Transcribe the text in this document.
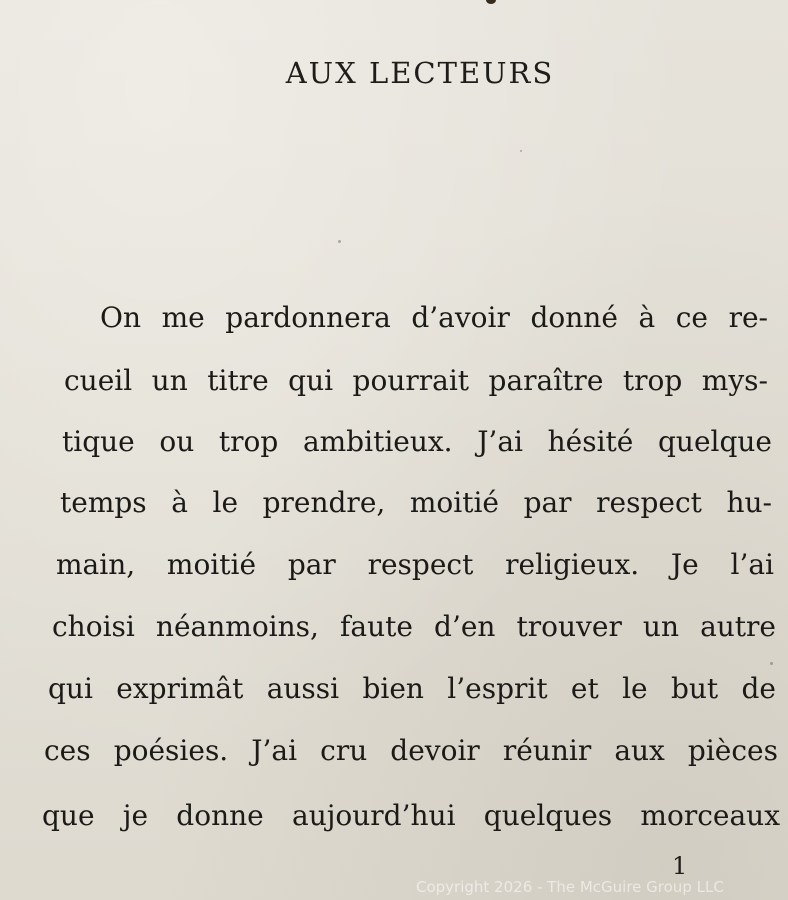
AUX LECTEURS
On me pardonnera d’avoir donné à ce re-
cueil un titre qui pourrait paraître trop mys-
tique ou trop ambitieux. J’ai hésité quelque
temps à le prendre, moitié par respect hu-
main, moitié par respect religieux. Je l’ai
choisi néanmoins, faute d’en trouver un autre
qui exprimât aussi bien l’esprit et le but de
ces poésies. J’ai cru devoir réunir aux pièces
que je donne aujourd’hui quelques morceaux
1
Copyright 2026 - The McGuire Group LLC
